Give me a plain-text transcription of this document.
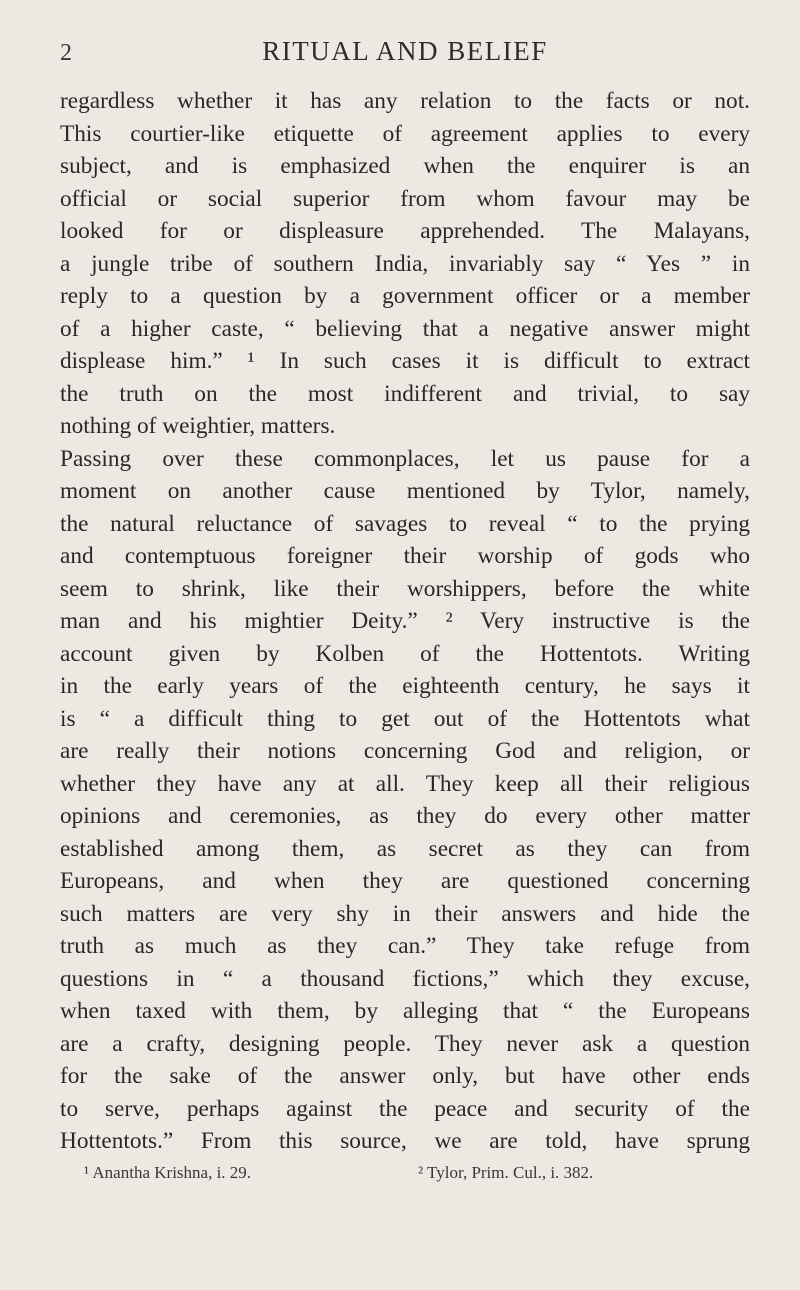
2	RITUAL AND BELIEF
regardless whether it has any relation to the facts or not.
This courtier-like etiquette of agreement applies to every
subject, and is emphasized when the enquirer is an
official or social superior from whom favour may be
looked for or displeasure apprehended. The Malayans,
a jungle tribe of southern India, invariably say “ Yes ” in
reply to a question by a government officer or a member
of a higher caste, “ believing that a negative answer might
displease him.” ¹ In such cases it is difficult to extract
the truth on the most indifferent and trivial, to say
nothing of weightier, matters.
Passing over these commonplaces, let us pause for a
moment on another cause mentioned by Tylor, namely,
the natural reluctance of savages to reveal “ to the prying
and contemptuous foreigner their worship of gods who
seem to shrink, like their worshippers, before the white
man and his mightier Deity.” ² Very instructive is the
account given by Kolben of the Hottentots. Writing
in the early years of the eighteenth century, he says it
is “ a difficult thing to get out of the Hottentots what
are really their notions concerning God and religion, or
whether they have any at all. They keep all their religious
opinions and ceremonies, as they do every other matter
established among them, as secret as they can from
Europeans, and when they are questioned concerning
such matters are very shy in their answers and hide the
truth as much as they can.” They take refuge from
questions in “ a thousand fictions,” which they excuse,
when taxed with them, by alleging that “ the Europeans
are a crafty, designing people. They never ask a question
for the sake of the answer only, but have other ends
to serve, perhaps against the peace and security of the
Hottentots.” From this source, we are told, have sprung
¹ Anantha Krishna, i. 29.	² Tylor, Prim. Cul., i. 382.
